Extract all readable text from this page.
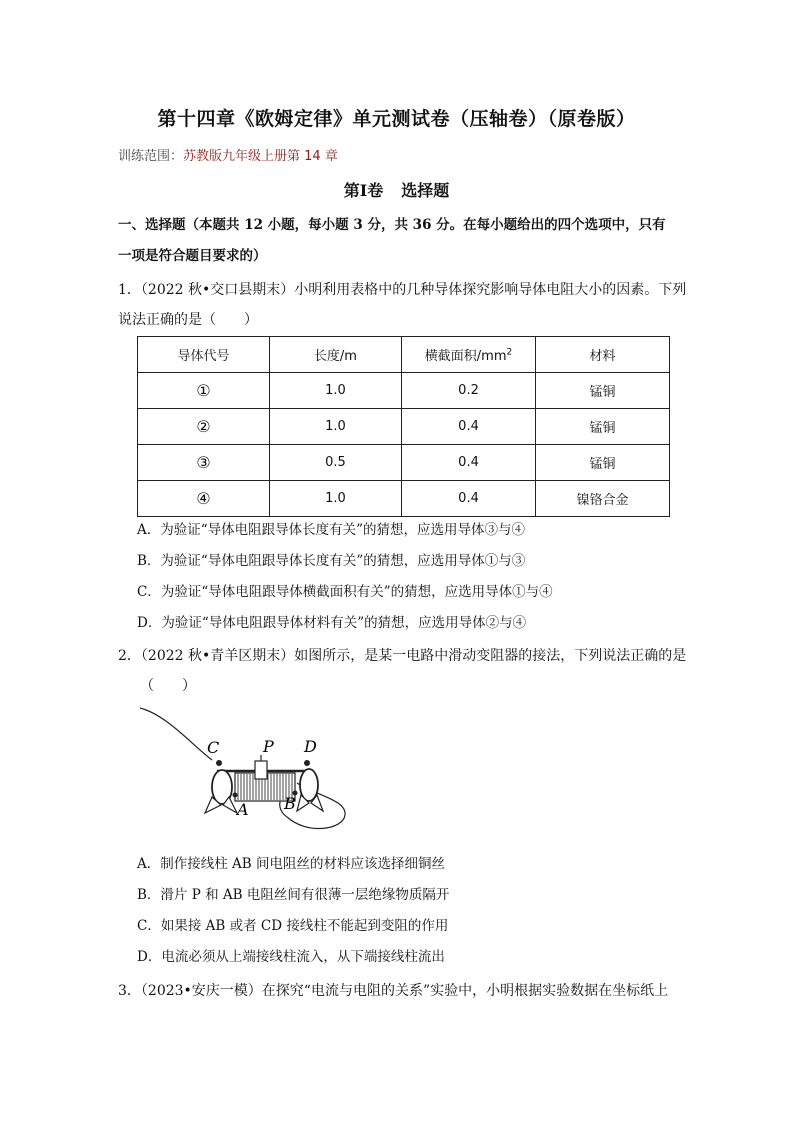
第十四章《欧姆定律》单元测试卷（压轴卷）（原卷版）
训练范围：苏教版九年级上册第 14 章
第Ⅰ卷 选择题
一、选择题（本题共 12 小题，每小题 3 分，共 36 分。在每小题给出的四个选项中，只有
一项是符合题目要求的）
1．（2022 秋•交口县期末）小明利用表格中的几种导体探究影响导体电阻大小的因素。下列
说法正确的是（　　）
导体代号	长度/m	横截面积$/mm^2$	材料
①	1.0	0.2	锰铜
②	1.0	0.4	锰铜
③	0.5	0.4	锰铜
④	1.0	0.4	镍铬合金
A．为验证“导体电阻跟导体长度有关”的猜想，应选用导体③与④
B．为验证“导体电阻跟导体长度有关”的猜想，应选用导体①与③
C．为验证“导体电阻跟导体横截面积有关”的猜想，应选用导体①与④
D．为验证“导体电阻跟导体材料有关”的猜想，应选用导体②与④
2．（2022 秋•青羊区期末）如图所示，是某一电路中滑动变阻器的接法，下列说法正确的是
（　　）
C	P D
A B
A．制作接线柱 AB 间电阻丝的材料应该选择细铜丝
B．滑片 P 和 AB 电阻丝间有很薄一层绝缘物质隔开
C．如果接 AB 或者 CD 接线柱不能起到变阻的作用
D．电流必须从上端接线柱流入，从下端接线柱流出
3．（2023•安庆一模）在探究“电流与电阻的关系”实验中，小明根据实验数据在坐标纸上
